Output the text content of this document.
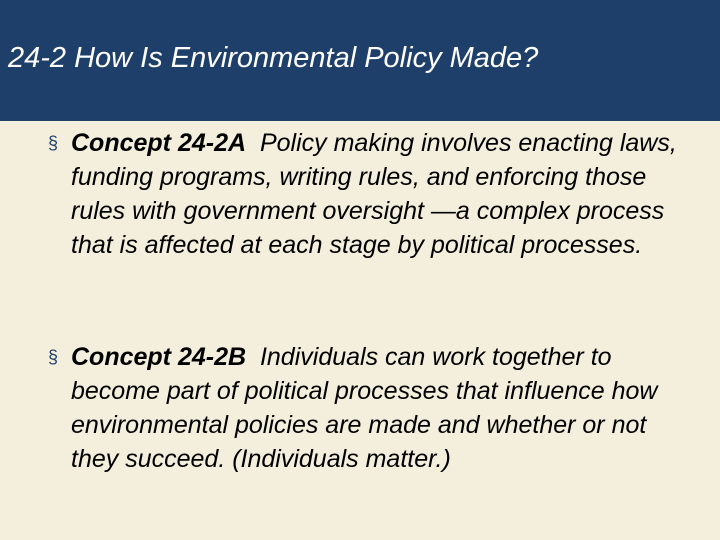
24-2 How Is Environmental Policy Made?
§ Concept 24-2A Policy making involves enacting laws, funding programs, writing rules, and enforcing those rules with government oversight —a complex process that is affected at each stage by political processes.

§ Concept 24-2B Individuals can work together to become part of political processes that influence how environmental policies are made and whether or not they succeed. (Individuals matter.)
